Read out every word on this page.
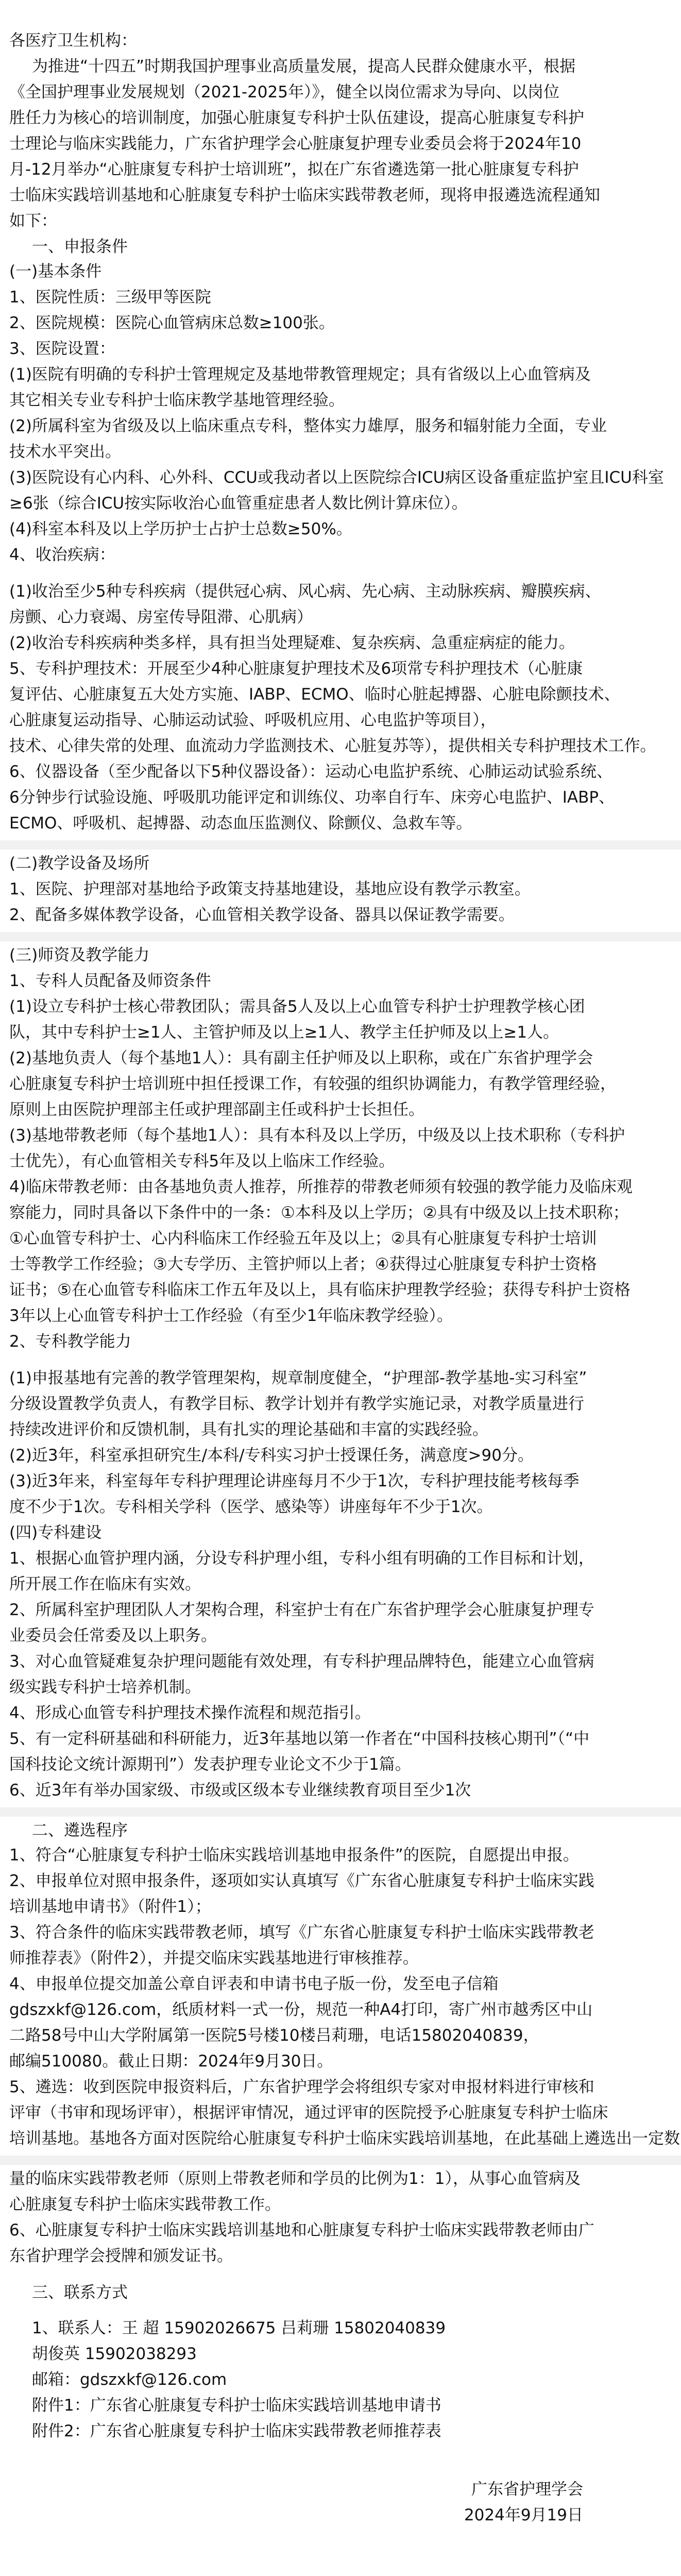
各医疗卫生机构：
为推进“十四五”时期我国护理事业高质量发展，提高人民群众健康水平，根据
《全国护理事业发展规划（2021-2025年）》，健全以岗位需求为导向、以岗位
胜任力为核心的培训制度，加强心脏康复专科护士队伍建设，提高心脏康复专科护
士理论与临床实践能力，广东省护理学会心脏康复护理专业委员会将于2024年10
月-12月举办“心脏康复专科护士培训班”，拟在广东省遴选第一批心脏康复专科护
士临床实践培训基地和心脏康复专科护士临床实践带教老师，现将申报遴选流程通知
如下：
一、申报条件
(一)基本条件
1、医院性质：三级甲等医院
2、医院规模：医院心血管病床总数≥100张。
3、医院设置：
(1)医院有明确的专科护士管理规定及基地带教管理规定；具有省级以上心血管病及
其它相关专业专科护士临床教学基地管理经验。
(2)所属科室为省级及以上临床重点专科，整体实力雄厚，服务和辐射能力全面，专业
技术水平突出。
(3)医院设有心内科、心外科、CCU或我动者以上医院综合ICU病区设备重症监护室且ICU科室
≥6张（综合ICU按实际收治心血管重症患者人数比例计算床位）。
(4)科室本科及以上学历护士占护士总数≥50%。
4、收治疾病：
(1)收治至少5种专科疾病（提供冠心病、风心病、先心病、主动脉疾病、瓣膜疾病、
房颤、心力衰竭、房室传导阻滞、心肌病）
(2)收治专科疾病种类多样，具有担当处理疑难、复杂疾病、急重症病症的能力。
5、专科护理技术：开展至少4种心脏康复护理技术及6项常专科护理技术（心脏康
复评估、心脏康复五大处方实施、IABP、ECMO、临时心脏起搏器、心脏电除颤技术、
心脏康复运动指导、心肺运动试验、呼吸机应用、心电监护等项目），
技术、心律失常的处理、血流动力学监测技术、心脏复苏等），提供相关专科护理技术工作。
6、仪器设备（至少配备以下5种仪器设备）：运动心电监护系统、心肺运动试验系统、
6分钟步行试验设施、呼吸肌功能评定和训练仪、功率自行车、床旁心电监护、IABP、
ECMO、呼吸机、起搏器、动态血压监测仪、除颤仪、急救车等。
(二)教学设备及场所
1、医院、护理部对基地给予政策支持基地建设，基地应设有教学示教室。
2、配备多媒体教学设备，心血管相关教学设备、器具以保证教学需要。
(三)师资及教学能力
1、专科人员配备及师资条件
(1)设立专科护士核心带教团队；需具备5人及以上心血管专科护士护理教学核心团
队，其中专科护士≥1人、主管护师及以上≥1人、教学主任护师及以上≥1人。
(2)基地负责人（每个基地1人）：具有副主任护师及以上职称，或在广东省护理学会
心脏康复专科护士培训班中担任授课工作，有较强的组织协调能力，有教学管理经验，
原则上由医院护理部主任或护理部副主任或科护士长担任。
(3)基地带教老师（每个基地1人）：具有本科及以上学历，中级及以上技术职称（专科护
士优先），有心血管相关专科5年及以上临床工作经验。
4)临床带教老师：由各基地负责人推荐，所推荐的带教老师须有较强的教学能力及临床观
察能力，同时具备以下条件中的一条：①本科及以上学历；②具有中级及以上技术职称；
①心血管专科护士、心内科临床工作经验五年及以上；②具有心脏康复专科护士培训
士等教学工作经验；③大专学历、主管护师以上者；④获得过心脏康复专科护士资格
证书；⑤在心血管专科临床工作五年及以上，具有临床护理教学经验；获得专科护士资格
3年以上心血管专科护士工作经验（有至少1年临床教学经验）。
2、专科教学能力
(1)申报基地有完善的教学管理架构，规章制度健全，“护理部-教学基地-实习科室”
分级设置教学负责人，有教学目标、教学计划并有教学实施记录，对教学质量进行
持续改进评价和反馈机制，具有扎实的理论基础和丰富的实践经验。
(2)近3年，科室承担研究生/本科/专科实习护士授课任务，满意度>90分。
(3)近3年来，科室每年专科护理理论讲座每月不少于1次，专科护理技能考核每季
度不少于1次。专科相关学科（医学、感染等）讲座每年不少于1次。
(四)专科建设
1、根据心血管护理内涵，分设专科护理小组，专科小组有明确的工作目标和计划，
所开展工作在临床有实效。
2、所属科室护理团队人才架构合理，科室护士有在广东省护理学会心脏康复护理专
业委员会任常委及以上职务。
3、对心血管疑难复杂护理问题能有效处理，有专科护理品牌特色，能建立心血管病
级实践专科护士培养机制。
4、形成心血管专科护理技术操作流程和规范指引。
5、有一定科研基础和科研能力，近3年基地以第一作者在“中国科技核心期刊”（“中
国科技论文统计源期刊”）发表护理专业论文不少于1篇。
6、近3年有举办国家级、市级或区级本专业继续教育项目至少1次
二、遴选程序
1、符合“心脏康复专科护士临床实践培训基地申报条件”的医院，自愿提出申报。
2、申报单位对照申报条件，逐项如实认真填写《广东省心脏康复专科护士临床实践
培训基地申请书》（附件1）；
3、符合条件的临床实践带教老师，填写《广东省心脏康复专科护士临床实践带教老
师推荐表》（附件2），并提交临床实践基地进行审核推荐。
4、申报单位提交加盖公章自评表和申请书电子版一份，发至电子信箱
gdszxkf@126.com，纸质材料一式一份，规范一种A4打印，寄广州市越秀区中山
二路58号中山大学附属第一医院5号楼10楼吕莉珊，电话15802040839，
邮编510080。截止日期：2024年9月30日。
5、遴选：收到医院申报资料后，广东省护理学会将组织专家对申报材料进行审核和
评审（书审和现场评审），根据评审情况，通过评审的医院授予心脏康复专科护士临床
培训基地。基地各方面对医院给心脏康复专科护士临床实践培训基地，在此基础上遴选出一定数
量的临床实践带教老师（原则上带教老师和学员的比例为1：1），从事心血管病及
心脏康复专科护士临床实践带教工作。
6、心脏康复专科护士临床实践培训基地和心脏康复专科护士临床实践带教老师由广
东省护理学会授牌和颁发证书。
三、联系方式
1、联系人：王 超 15902026675 吕莉珊 15802040839
胡俊英 15902038293
邮箱：gdszxkf@126.com
附件1：广东省心脏康复专科护士临床实践培训基地申请书
附件2：广东省心脏康复专科护士临床实践带教老师推荐表
广东省护理学会
2024年9月19日
